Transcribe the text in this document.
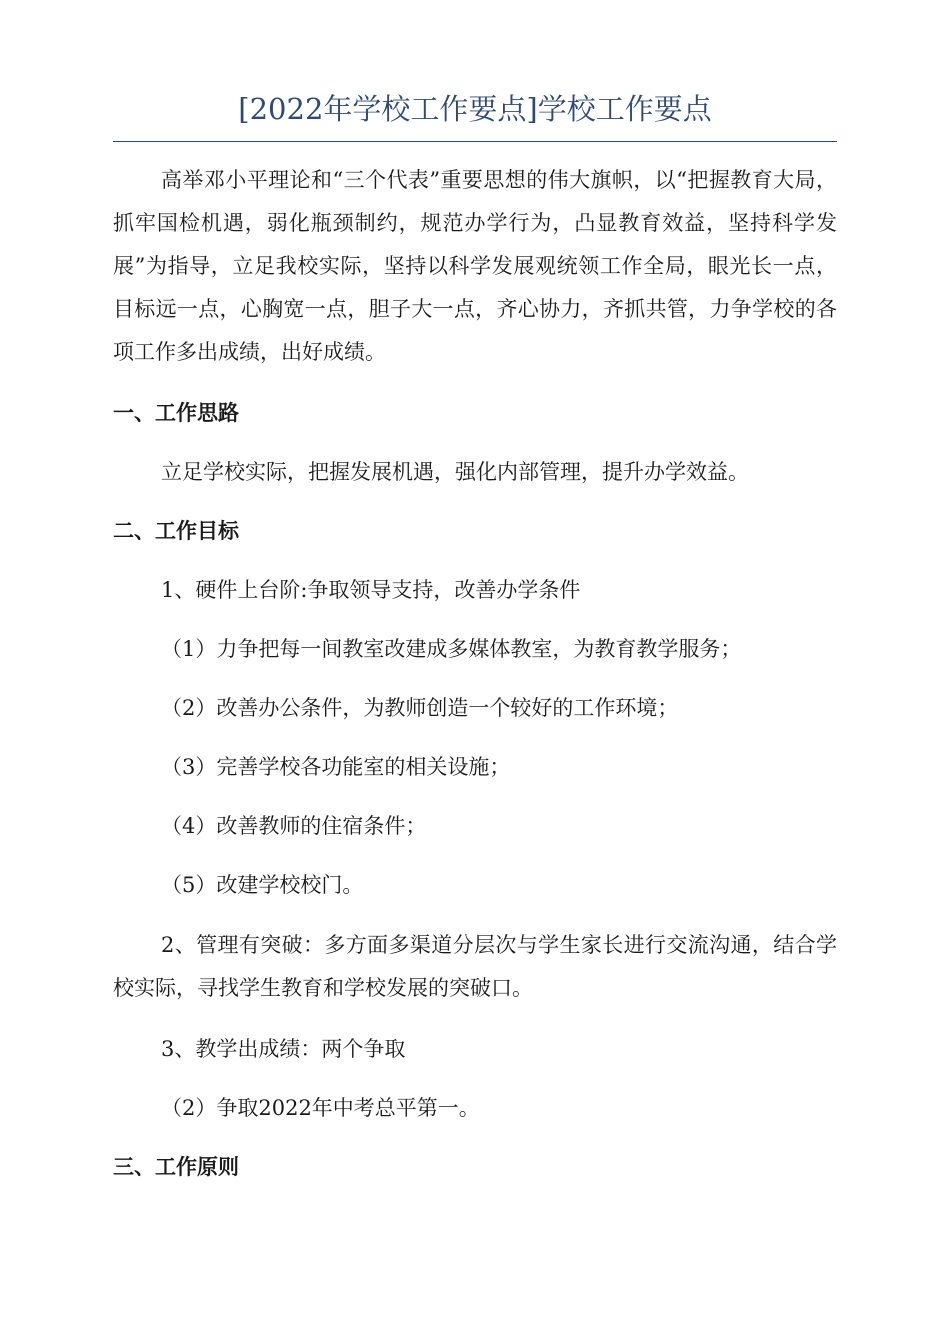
[2022年学校工作要点]学校工作要点

高举邓小平理论和“三个代表”重要思想的伟大旗帜，以“把握教育大局，抓牢国检机遇，弱化瓶颈制约，规范办学行为，凸显教育效益，坚持科学发展”为指导，立足我校实际，坚持以科学发展观统领工作全局，眼光长一点，目标远一点，心胸宽一点，胆子大一点，齐心协力，齐抓共管，力争学校的各项工作多出成绩，出好成绩。

一、工作思路

立足学校实际，把握发展机遇，强化内部管理，提升办学效益。

二、工作目标

1、硬件上台阶:争取领导支持，改善办学条件

（1）力争把每一间教室改建成多媒体教室，为教育教学服务；

（2）改善办公条件，为教师创造一个较好的工作环境；

（3）完善学校各功能室的相关设施；

（4）改善教师的住宿条件；

（5）改建学校校门。

2、管理有突破：多方面多渠道分层次与学生家长进行交流沟通，结合学校实际，寻找学生教育和学校发展的突破口。

3、教学出成绩：两个争取

（2）争取2022年中考总平第一。

三、工作原则
